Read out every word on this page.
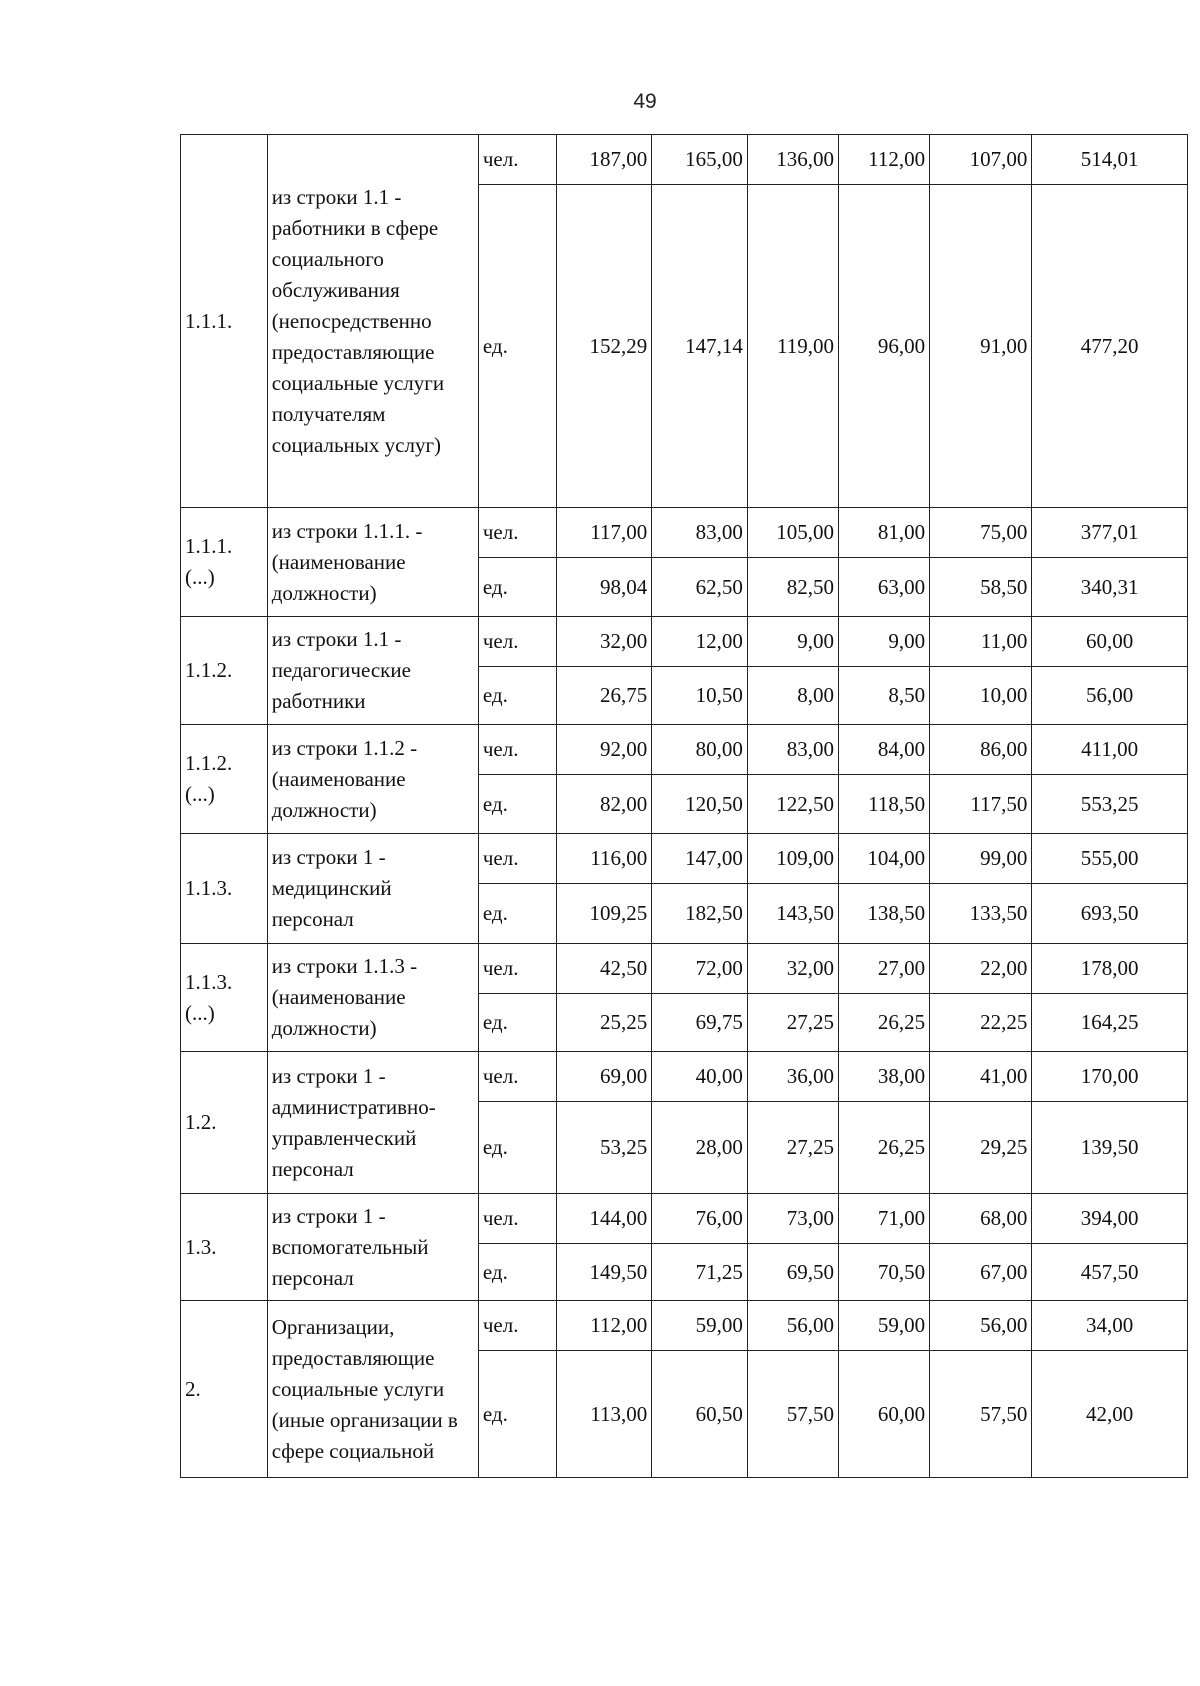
49
1.1.1.	из строки 1.1 - работники в сфере социального обслуживания (непосредственно предоставляющие социальные услуги получателям социальных услуг)	чел.	187,00	165,00	136,00	112,00	107,00	514,01
		ед.	152,29	147,14	119,00	96,00	91,00	477,20
1.1.1. (...)	из строки 1.1.1. - (наименование должности)	чел.	117,00	83,00	105,00	81,00	75,00	377,01
		ед.	98,04	62,50	82,50	63,00	58,50	340,31
1.1.2.	из строки 1.1 - педагогические работники	чел.	32,00	12,00	9,00	9,00	11,00	60,00
		ед.	26,75	10,50	8,00	8,50	10,00	56,00
1.1.2. (...)	из строки 1.1.2 - (наименование должности)	чел.	92,00	80,00	83,00	84,00	86,00	411,00
		ед.	82,00	120,50	122,50	118,50	117,50	553,25
1.1.3.	из строки 1 - медицинский персонал	чел.	116,00	147,00	109,00	104,00	99,00	555,00
		ед.	109,25	182,50	143,50	138,50	133,50	693,50
1.1.3. (...)	из строки 1.1.3 - (наименование должности)	чел.	42,50	72,00	32,00	27,00	22,00	178,00
		ед.	25,25	69,75	27,25	26,25	22,25	164,25
1.2.	из строки 1 - административно-управленческий персонал	чел.	69,00	40,00	36,00	38,00	41,00	170,00
		ед.	53,25	28,00	27,25	26,25	29,25	139,50
1.3.	из строки 1 - вспомогательный персонал	чел.	144,00	76,00	73,00	71,00	68,00	394,00
		ед.	149,50	71,25	69,50	70,50	67,00	457,50
2.	Организации, предоставляющие социальные услуги (иные организации в сфере социальной	чел.	112,00	59,00	56,00	59,00	56,00	34,00
		ед.	113,00	60,50	57,50	60,00	57,50	42,00
